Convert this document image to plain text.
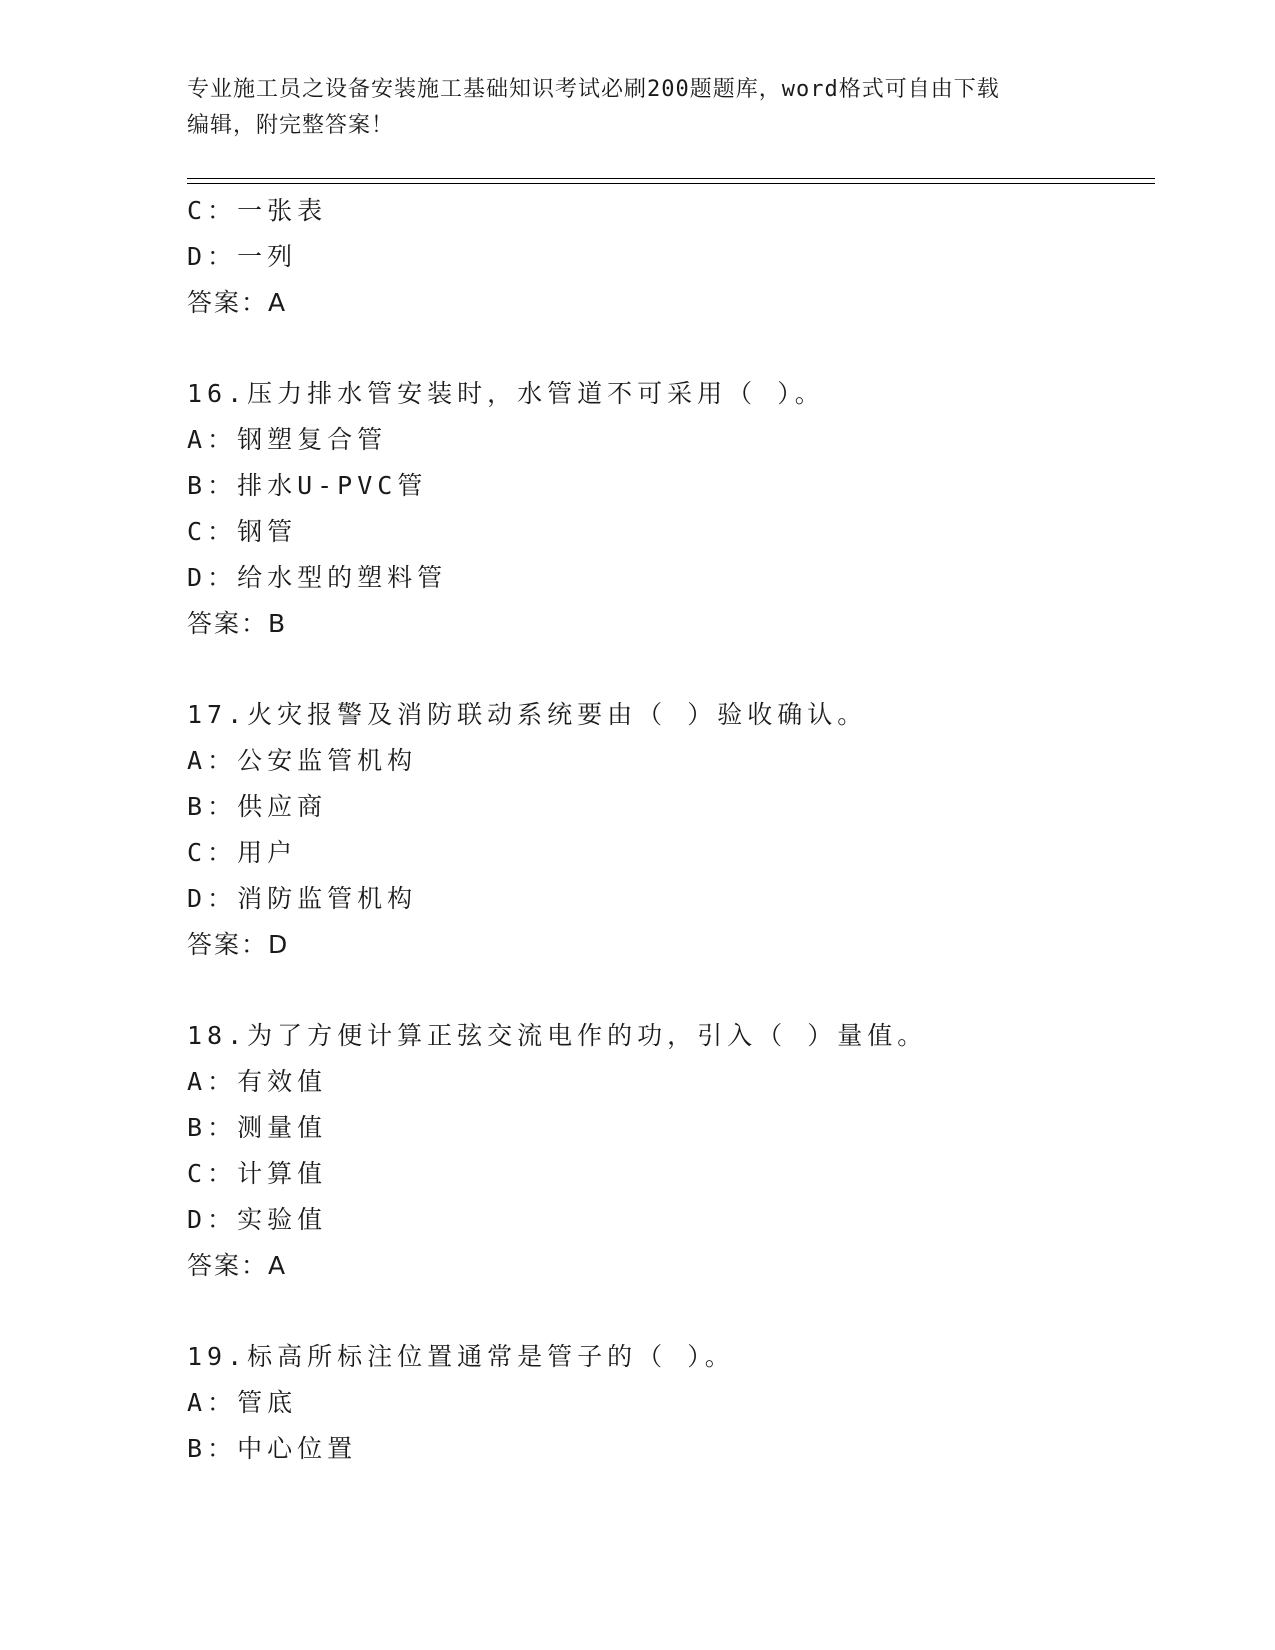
专业施工员之设备安装施工基础知识考试必刷200题题库，word格式可自由下载
编辑，附完整答案！
C：一张表
D：一列
答案：A
16.压力排水管安装时，水管道不可采用（ ）。
A：钢塑复合管
B：排水U-PVC管
C：钢管
D：给水型的塑料管
答案：B
17.火灾报警及消防联动系统要由（ ）验收确认。
A：公安监管机构
B：供应商
C：用户
D：消防监管机构
答案：D
18.为了方便计算正弦交流电作的功，引入（ ）量值。
A：有效值
B：测量值
C：计算值
D：实验值
答案：A
19.标高所标注位置通常是管子的（ ）。
A：管底
B：中心位置
